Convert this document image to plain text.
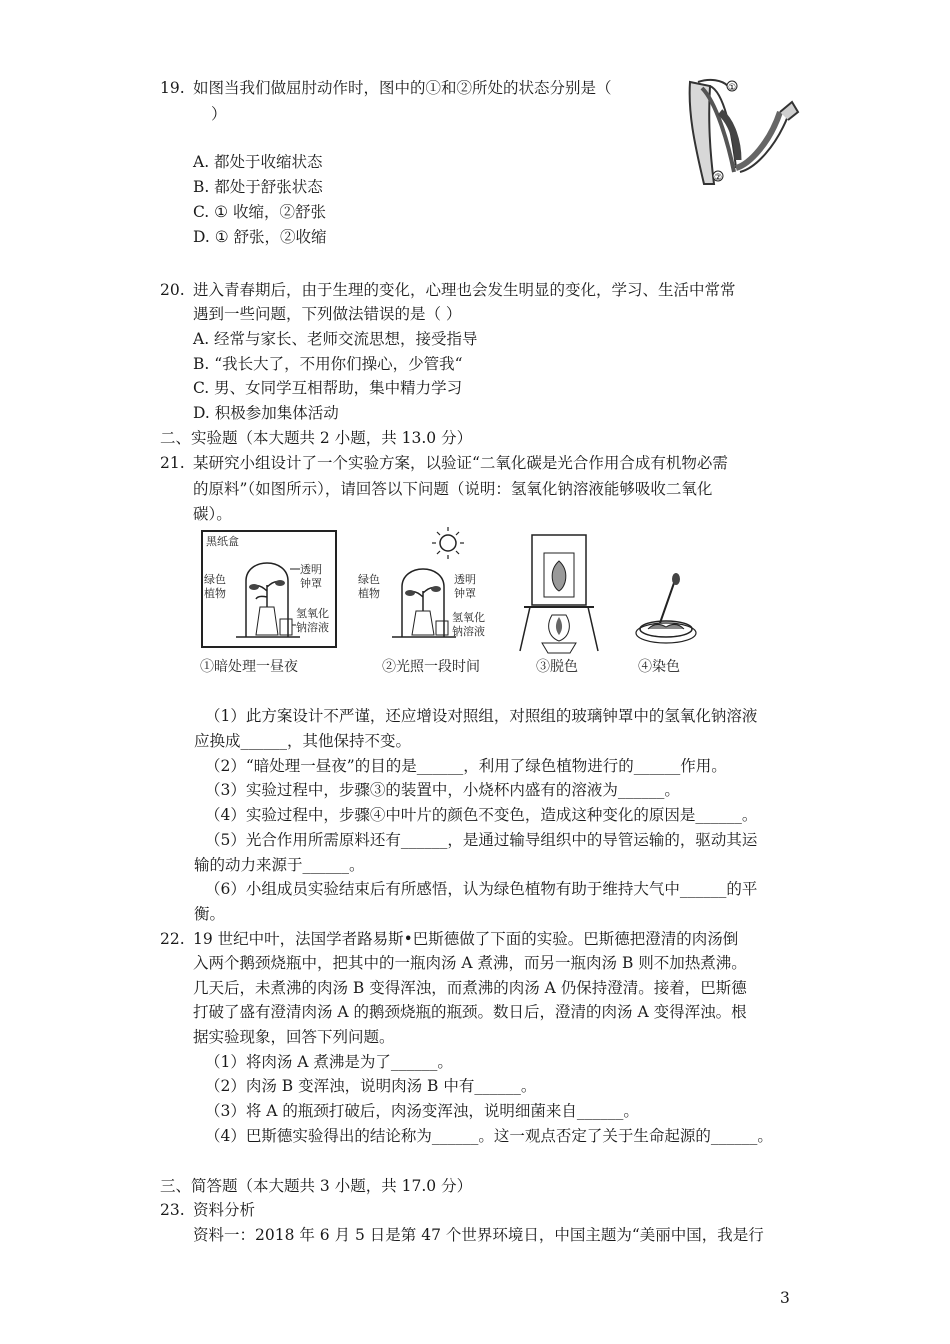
19. 如图当我们做屈肘动作时，图中的①和②所处的状态分别是（
）
A. 都处于收缩状态
B. 都处于舒张状态
C. ① 收缩，②舒张
D. ① 舒张，②收缩
①
②
20. 进入青春期后，由于生理的变化，心理也会发生明显的变化，学习、生活中常常
遇到一些问题，下列做法错误的是（ ）
A. 经常与家长、老师交流思想，接受指导
B. “我长大了，不用你们操心，少管我“
C. 男、女同学互相帮助，集中精力学习
D. 积极参加集体活动
二、实验题（本大题共 2 小题，共 13.0 分）
21. 某研究小组设计了一个实验方案，以验证“二氧化碳是光合作用合成有机物必需
的原料”（如图所示），请回答以下问题（说明：氢氧化钠溶液能够吸收二氧化
碳）。
黑纸盒
绿色
植物
透明
钟罩
氢氧化
钠溶液
绿色
植物
透明
钟罩
氢氧化
钠溶液
①暗处理一昼夜	②光照一段时间	③脱色	④染色
（1）此方案设计不严谨，还应增设对照组，对照组的玻璃钟罩中的氢氧化钠溶液
应换成______，其他保持不变。
（2）“暗处理一昼夜”的目的是______，利用了绿色植物进行的______作用。
（3）实验过程中，步骤③的装置中，小烧杯内盛有的溶液为______。
（4）实验过程中，步骤④中叶片的颜色不变色，造成这种变化的原因是______。
（5）光合作用所需原料还有______，是通过输导组织中的导管运输的，驱动其运
输的动力来源于______。
（6）小组成员实验结束后有所感悟，认为绿色植物有助于维持大气中______的平
衡。
22. 19 世纪中叶，法国学者路易斯•巴斯德做了下面的实验。巴斯德把澄清的肉汤倒
入两个鹅颈烧瓶中，把其中的一瓶肉汤 A 煮沸，而另一瓶肉汤 B 则不加热煮沸。
几天后，未煮沸的肉汤 B 变得浑浊，而煮沸的肉汤 A 仍保持澄清。接着，巴斯德
打破了盛有澄清肉汤 A 的鹅颈烧瓶的瓶颈。数日后，澄清的肉汤 A 变得浑浊。根
据实验现象，回答下列问题。
（1）将肉汤 A 煮沸是为了______。
（2）肉汤 B 变浑浊，说明肉汤 B 中有______。
（3）将 A 的瓶颈打破后，肉汤变浑浊，说明细菌来自______。
（4）巴斯德实验得出的结论称为______。这一观点否定了关于生命起源的______。
三、简答题（本大题共 3 小题，共 17.0 分）
23. 资料分析
资料一：2018 年 6 月 5 日是第 47 个世界环境日，中国主题为“美丽中国，我是行
3
